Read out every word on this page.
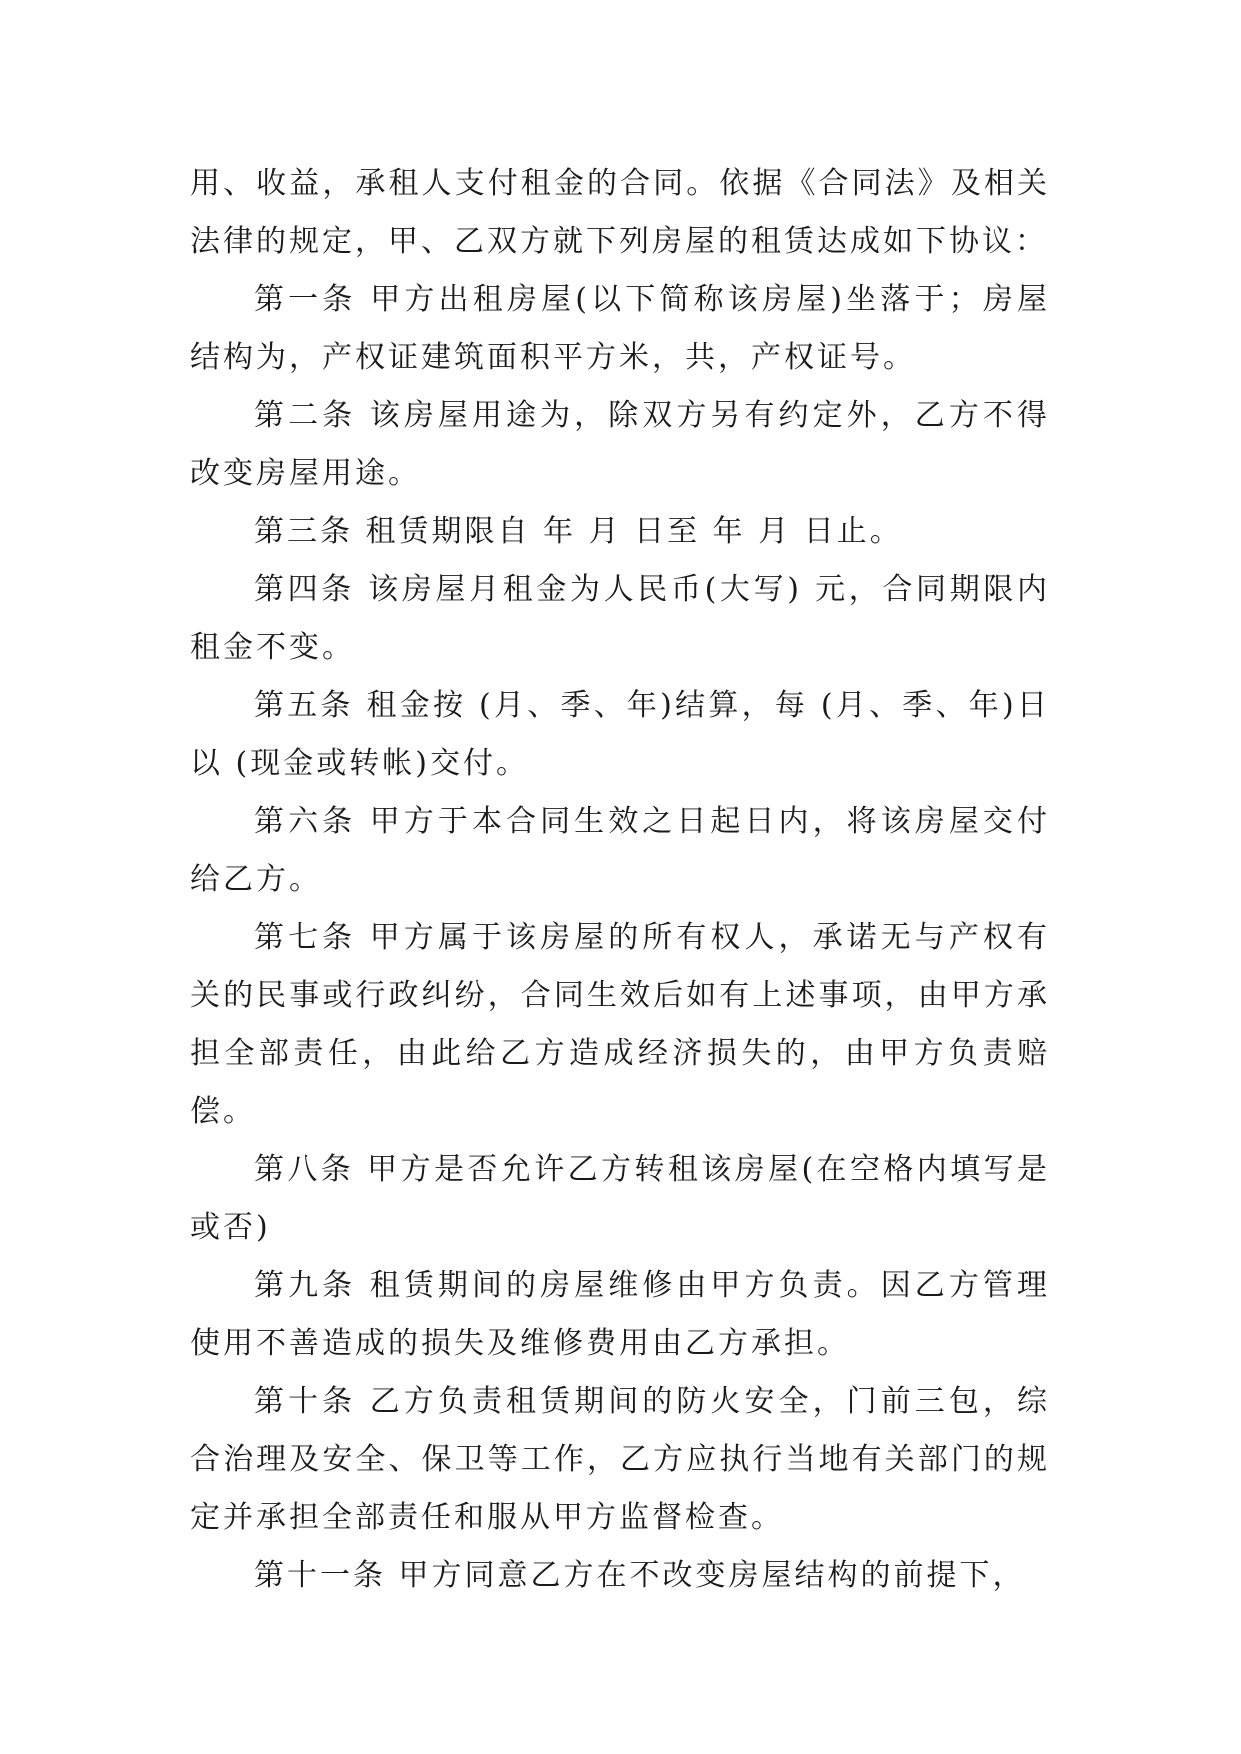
用、收益，承租人支付租金的合同。依据《合同法》及相关法律的规定，甲、乙双方就下列房屋的租赁达成如下协议：

第一条 甲方出租房屋(以下简称该房屋)坐落于；房屋结构为，产权证建筑面积平方米，共，产权证号。

第二条 该房屋用途为，除双方另有约定外，乙方不得改变房屋用途。

第三条 租赁期限自 年 月 日至 年 月 日止。

第四条 该房屋月租金为人民币(大写) 元，合同期限内租金不变。

第五条 租金按 (月、季、年)结算，每 (月、季、年)日以 (现金或转帐)交付。

第六条 甲方于本合同生效之日起日内，将该房屋交付给乙方。

第七条 甲方属于该房屋的所有权人，承诺无与产权有关的民事或行政纠纷，合同生效后如有上述事项，由甲方承担全部责任，由此给乙方造成经济损失的，由甲方负责赔偿。

第八条 甲方是否允许乙方转租该房屋(在空格内填写是或否)

第九条 租赁期间的房屋维修由甲方负责。因乙方管理使用不善造成的损失及维修费用由乙方承担。

第十条 乙方负责租赁期间的防火安全，门前三包，综合治理及安全、保卫等工作，乙方应执行当地有关部门的规定并承担全部责任和服从甲方监督检查。

第十一条 甲方同意乙方在不改变房屋结构的前提下，
